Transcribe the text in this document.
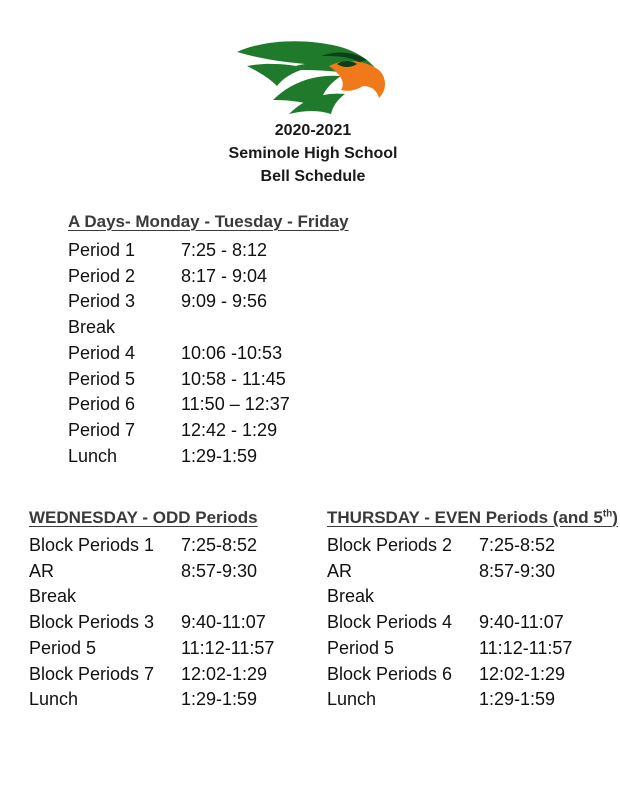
2020-2021
Seminole High School
Bell Schedule
A Days- Monday - Tuesday - Friday
Period 1	7:25 - 8:12
Period 2	8:17 - 9:04
Period 3	9:09 - 9:56
Break
Period 4	10:06 -10:53
Period 5	10:58 - 11:45
Period 6	11:50 – 12:37
Period 7	12:42 - 1:29
Lunch	1:29-1:59
WEDNESDAY - ODD Periods
Block Periods 1 7:25-8:52
AR	8:57-9:30
Break
Block Periods 3 9:40-11:07
Period 5	11:12-11:57
Block Periods 7 12:02-1:29
Lunch	1:29-1:59
THURSDAY - EVEN Periods (and 5th)
Block Periods 2 7:25-8:52
AR	8:57-9:30
Break
Block Periods 4 9:40-11:07
Period 5	11:12-11:57
Block Periods 6 12:02-1:29
Lunch	1:29-1:59
